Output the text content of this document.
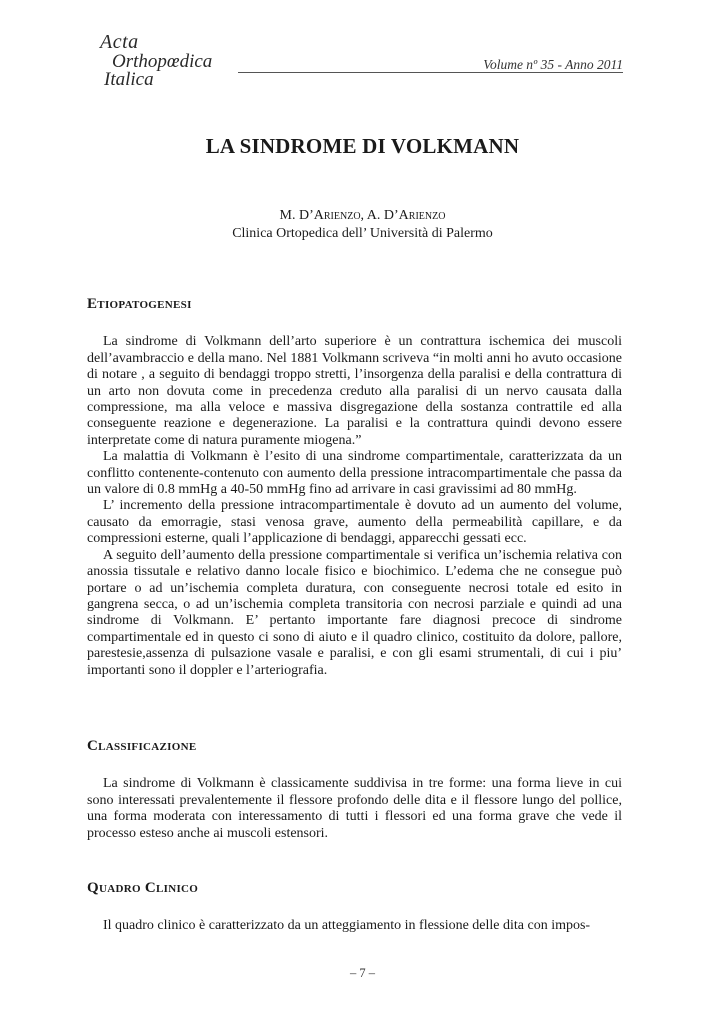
Acta
Orthopœdica
Italica
Volume nº 35 - Anno 2011
LA SINDROME DI VOLKMANN
M. D’Arienzo, A. D’Arienzo
Clinica Ortopedica dell’ Università di Palermo
Etiopatogenesi

La sindrome di Volkmann dell’arto superiore è un contrattura ischemica dei muscoli dell’avambraccio e della mano. Nel 1881 Volkmann scriveva “in molti anni ho avuto occasione di notare , a seguito di bendaggi troppo stretti, l’insorgenza della paralisi e della contrattura di un arto non dovuta come in precedenza creduto alla paralisi di un nervo causata dalla compressione, ma alla veloce e massiva disgregazione della sostanza contrattile ed alla conseguente reazione e degenerazione. La paralisi e la contrattura quindi devono essere interpretate come di natura puramente miogena.”

La malattia di Volkmann è l’esito di una sindrome compartimentale, caratterizzata da un conflitto contenente-contenuto con aumento della pressione intracompartimentale che passa da un valore di 0.8 mmHg a 40-50 mmHg fino ad arrivare in casi gravissimi ad 80 mmHg.

L’ incremento della pressione intracompartimentale è dovuto ad un aumento del volume, causato da emorragie, stasi venosa grave, aumento della permeabilità capillare, e da compressioni esterne, quali l’applicazione di bendaggi, apparecchi gessati ecc.

A seguito dell’aumento della pressione compartimentale si verifica un’ischemia relativa con anossia tissutale e relativo danno locale fisico e biochimico. L’edema che ne consegue può portare o ad un’ischemia completa duratura, con conseguente necrosi totale ed esito in gangrena secca, o ad un’ischemia completa transitoria con necrosi parziale e quindi ad una sindrome di Volkmann. E’ pertanto importante fare diagnosi precoce di sindrome compartimentale ed in questo ci sono di aiuto e il quadro clinico, costituito da dolore, pallore, parestesie,assenza di pulsazione vasale e paralisi, e con gli esami strumentali, di cui i piu’ importanti sono il doppler e l’arteriografia.

Classificazione

La sindrome di Volkmann è classicamente suddivisa in tre forme: una forma lieve in cui sono interessati prevalentemente il flessore profondo delle dita e il flessore lungo del pollice, una forma moderata con interessamento di tutti i flessori ed una forma grave che vede il processo esteso anche ai muscoli estensori.

Quadro Clinico

Il quadro clinico è caratterizzato da un atteggiamento in flessione delle dita con impos-

– 7 –
